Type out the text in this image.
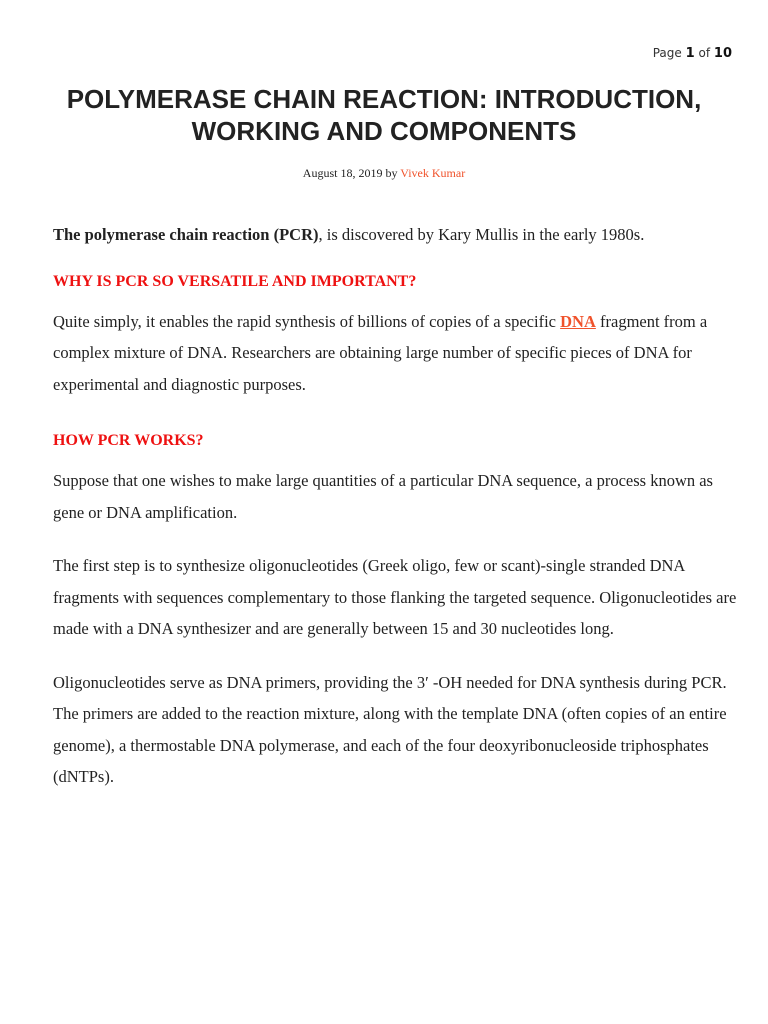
Page 1 of 10
POLYMERASE CHAIN REACTION: INTRODUCTION,
WORKING AND COMPONENTS
August 18, 2019 by Vivek Kumar

The polymerase chain reaction (PCR), is discovered by Kary Mullis in the early 1980s.

WHY IS PCR SO VERSATILE AND IMPORTANT?

Quite simply, it enables the rapid synthesis of billions of copies of a specific DNA fragment from a complex mixture of DNA. Researchers are obtaining large number of specific pieces of DNA for experimental and diagnostic purposes.

HOW PCR WORKS?

Suppose that one wishes to make large quantities of a particular DNA sequence, a process known as gene or DNA amplification.

The first step is to synthesize oligonucleotides (Greek oligo, few or scant)-single stranded DNA fragments with sequences complementary to those flanking the targeted sequence. Oligonucleotides are made with a DNA synthesizer and are generally between 15 and 30 nucleotides long.

Oligonucleotides serve as DNA primers, providing the 3′ -OH needed for DNA synthesis during PCR. The primers are added to the reaction mixture, along with the template DNA (often copies of an entire genome), a thermostable DNA polymerase, and each of the four deoxyribonucleoside triphosphates (dNTPs).
